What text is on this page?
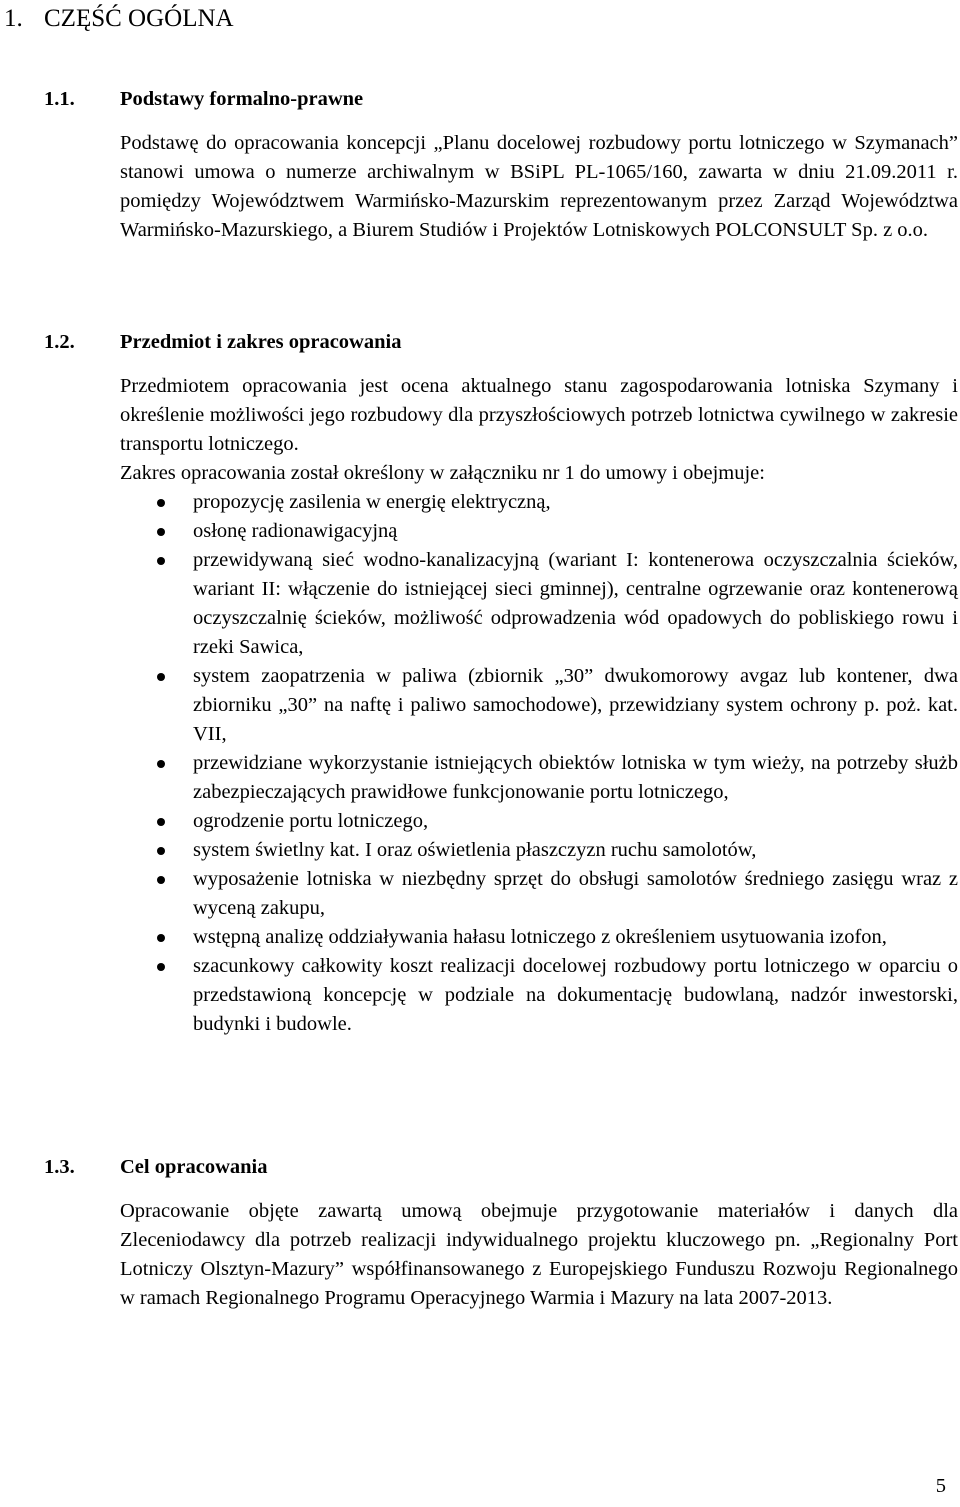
1. CZĘŚĆ OGÓLNA
1.1. Podstawy formalno-prawne

Podstawę do opracowania koncepcji „Planu docelowej rozbudowy portu lotniczego w Szymanach” stanowi umowa o numerze archiwalnym w BSiPL PL-1065/160, zawarta w dniu 21.09.2011 r. pomiędzy Województwem Warmińsko-Mazurskim reprezentowanym przez Zarząd Województwa Warmińsko-Mazurskiego, a Biurem Studiów i Projektów Lotniskowych POLCONSULT Sp. z o.o.

1.2. Przedmiot i zakres opracowania

Przedmiotem opracowania jest ocena aktualnego stanu zagospodarowania lotniska Szymany i określenie możliwości jego rozbudowy dla przyszłościowych potrzeb lotnictwa cywilnego w zakresie transportu lotniczego.

Zakres opracowania został określony w załączniku nr 1 do umowy i obejmuje:

propozycję zasilenia w energię elektryczną,
osłonę radionawigacyjną
przewidywaną sieć wodno-kanalizacyjną (wariant I: kontenerowa oczyszczalnia ścieków, wariant II: włączenie do istniejącej sieci gminnej), centralne ogrzewanie oraz kontenerową oczyszczalnię ścieków, możliwość odprowadzenia wód opadowych do pobliskiego rowu i rzeki Sawica,
system zaopatrzenia w paliwa (zbiornik „30” dwukomorowy avgaz lub kontener, dwa zbiorniku „30” na naftę i paliwo samochodowe), przewidziany system ochrony p. poż. kat. VII,
przewidziane wykorzystanie istniejących obiektów lotniska w tym wieży, na potrzeby służb zabezpieczających prawidłowe funkcjonowanie portu lotniczego,
ogrodzenie portu lotniczego,
system świetlny kat. I oraz oświetlenia płaszczyzn ruchu samolotów,
wyposażenie lotniska w niezbędny sprzęt do obsługi samolotów średniego zasięgu wraz z wyceną zakupu,
wstępną analizę oddziaływania hałasu lotniczego z określeniem usytuowania izofon,
szacunkowy całkowity koszt realizacji docelowej rozbudowy portu lotniczego w oparciu o przedstawioną koncepcję w podziale na dokumentację budowlaną, nadzór inwestorski, budynki i budowle.
1.3. Cel opracowania

Opracowanie objęte zawartą umową obejmuje przygotowanie materiałów i danych dla Zleceniodawcy dla potrzeb realizacji indywidualnego projektu kluczowego pn. „Regionalny Port Lotniczy Olsztyn-Mazury” współfinansowanego z Europejskiego Funduszu Rozwoju Regionalnego w ramach Regionalnego Programu Operacyjnego Warmia i Mazury na lata 2007-2013.

5
